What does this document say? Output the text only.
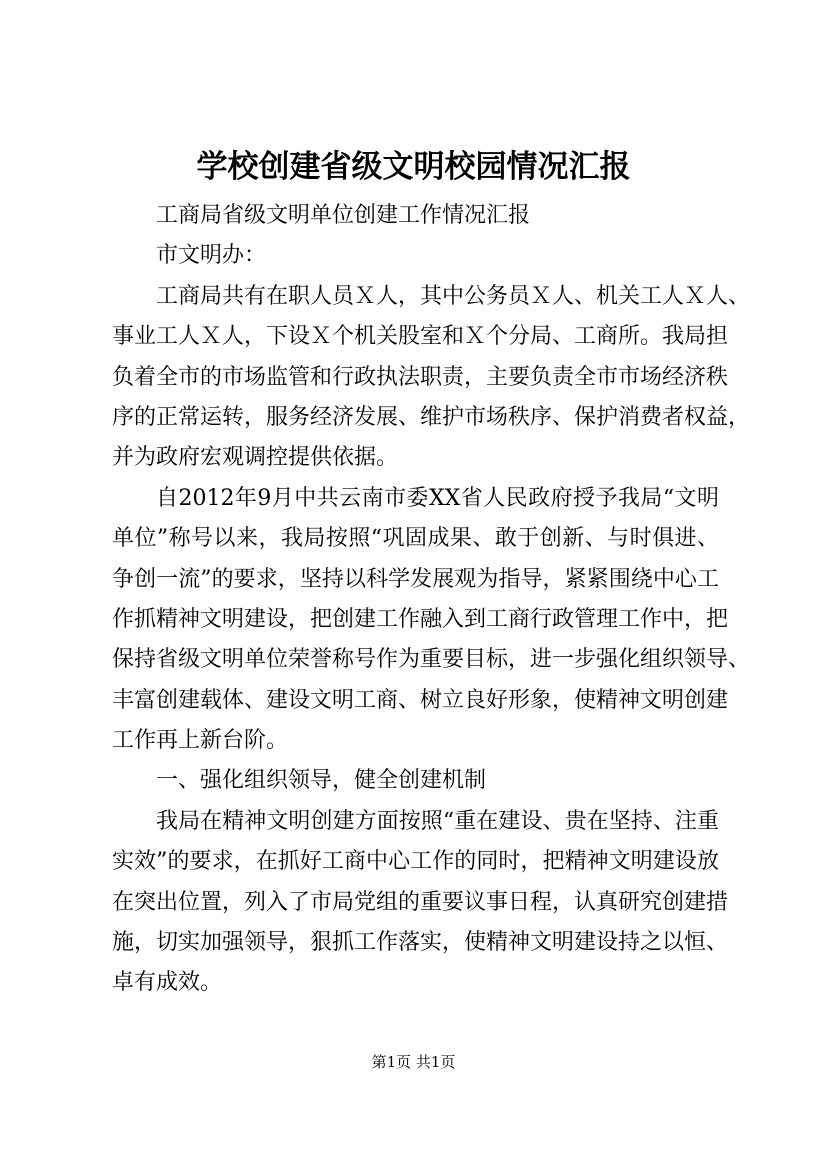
学校创建省级文明校园情况汇报
工商局省级文明单位创建工作情况汇报
市文明办：
工商局共有在职人员Ｘ人，其中公务员Ｘ人、机关工人Ｘ人、
事业工人Ｘ人，下设Ｘ个机关股室和Ｘ个分局、工商所。我局担
负着全市的市场监管和行政执法职责，主要负责全市市场经济秩
序的正常运转，服务经济发展、维护市场秩序、保护消费者权益，
并为政府宏观调控提供依据。
自2012年9月中共云南市委XX省人民政府授予我局“文明
单位”称号以来，我局按照“巩固成果、敢于创新、与时俱进、
争创一流”的要求，坚持以科学发展观为指导，紧紧围绕中心工
作抓精神文明建设，把创建工作融入到工商行政管理工作中，把
保持省级文明单位荣誉称号作为重要目标，进一步强化组织领导、
丰富创建载体、建设文明工商、树立良好形象，使精神文明创建
工作再上新台阶。
一、强化组织领导，健全创建机制
我局在精神文明创建方面按照“重在建设、贵在坚持、注重
实效”的要求，在抓好工商中心工作的同时，把精神文明建设放
在突出位置，列入了市局党组的重要议事日程，认真研究创建措
施，切实加强领导，狠抓工作落实，使精神文明建设持之以恒、
卓有成效。
第1页 共1页
